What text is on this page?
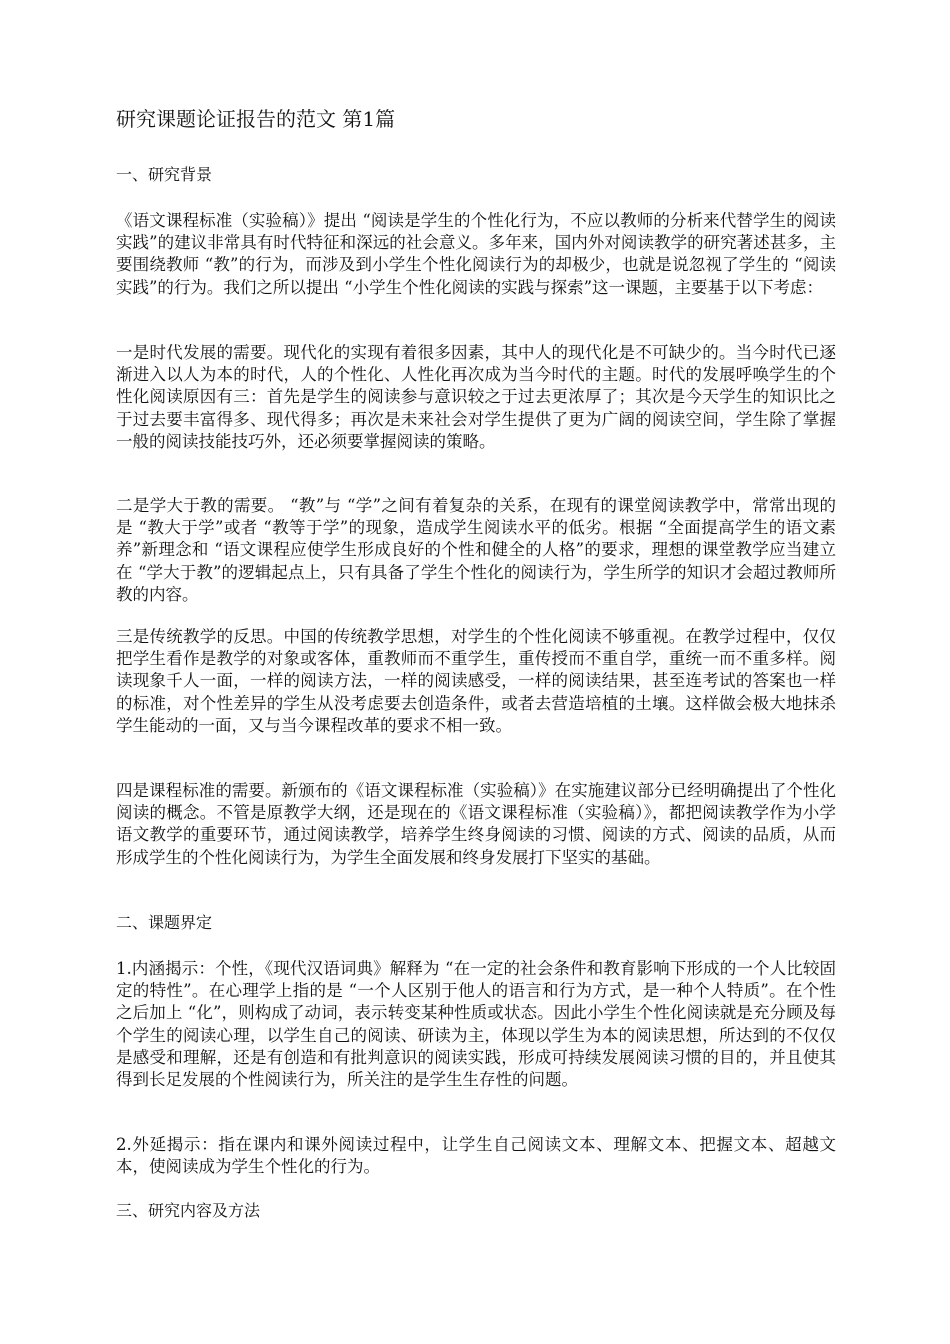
研究课题论证报告的范文 第1篇
一、研究背景

《语文课程标准（实验稿）》提出 “阅读是学生的个性化行为，不应以教师的分析来代替学生的阅读实践”的建议非常具有时代特征和深远的社会意义。多年来，国内外对阅读教学的研究著述甚多，主要围绕教师 “教”的行为，而涉及到小学生个性化阅读行为的却极少，也就是说忽视了学生的 “阅读实践”的行为。我们之所以提出 “小学生个性化阅读的实践与探索”这一课题，主要基于以下考虑：

一是时代发展的需要。现代化的实现有着很多因素，其中人的现代化是不可缺少的。当今时代已逐渐进入以人为本的时代，人的个性化、人性化再次成为当今时代的主题。时代的发展呼唤学生的个性化阅读原因有三：首先是学生的阅读参与意识较之于过去更浓厚了；其次是今天学生的知识比之于过去要丰富得多、现代得多；再次是未来社会对学生提供了更为广阔的阅读空间，学生除了掌握一般的阅读技能技巧外，还必须要掌握阅读的策略。

二是学大于教的需要。 “教”与 “学”之间有着复杂的关系，在现有的课堂阅读教学中，常常出现的是 “教大于学”或者 “教等于学”的现象，造成学生阅读水平的低劣。根据 “全面提高学生的语文素养”新理念和 “语文课程应使学生形成良好的个性和健全的人格”的要求，理想的课堂教学应当建立在 “学大于教”的逻辑起点上，只有具备了学生个性化的阅读行为，学生所学的知识才会超过教师所教的内容。

三是传统教学的反思。中国的传统教学思想，对学生的个性化阅读不够重视。在教学过程中，仅仅把学生看作是教学的对象或客体，重教师而不重学生，重传授而不重自学，重统一而不重多样。阅读现象千人一面，一样的阅读方法，一样的阅读感受，一样的阅读结果，甚至连考试的答案也一样的标准，对个性差异的学生从没考虑要去创造条件，或者去营造培植的土壤。这样做会极大地抹杀学生能动的一面，又与当今课程改革的要求不相一致。

四是课程标准的需要。新颁布的《语文课程标准（实验稿）》在实施建议部分已经明确提出了个性化阅读的概念。不管是原教学大纲，还是现在的《语文课程标准（实验稿）》，都把阅读教学作为小学语文教学的重要环节，通过阅读教学，培养学生终身阅读的习惯、阅读的方式、阅读的品质，从而形成学生的个性化阅读行为，为学生全面发展和终身发展打下坚实的基础。

二、课题界定

1.内涵揭示：个性，《现代汉语词典》解释为 “在一定的社会条件和教育影响下形成的一个人比较固定的特性”。在心理学上指的是 “一个人区别于他人的语言和行为方式，是一种个人特质”。在个性之后加上 “化”，则构成了动词，表示转变某种性质或状态。因此小学生个性化阅读就是充分顾及每个学生的阅读心理，以学生自己的阅读、研读为主，体现以学生为本的阅读思想，所达到的不仅仅是感受和理解，还是有创造和有批判意识的阅读实践，形成可持续发展阅读习惯的目的，并且使其得到长足发展的个性阅读行为，所关注的是学生生存性的问题。

2.外延揭示：指在课内和课外阅读过程中，让学生自己阅读文本、理解文本、把握文本、超越文本，使阅读成为学生个性化的行为。

三、研究内容及方法
